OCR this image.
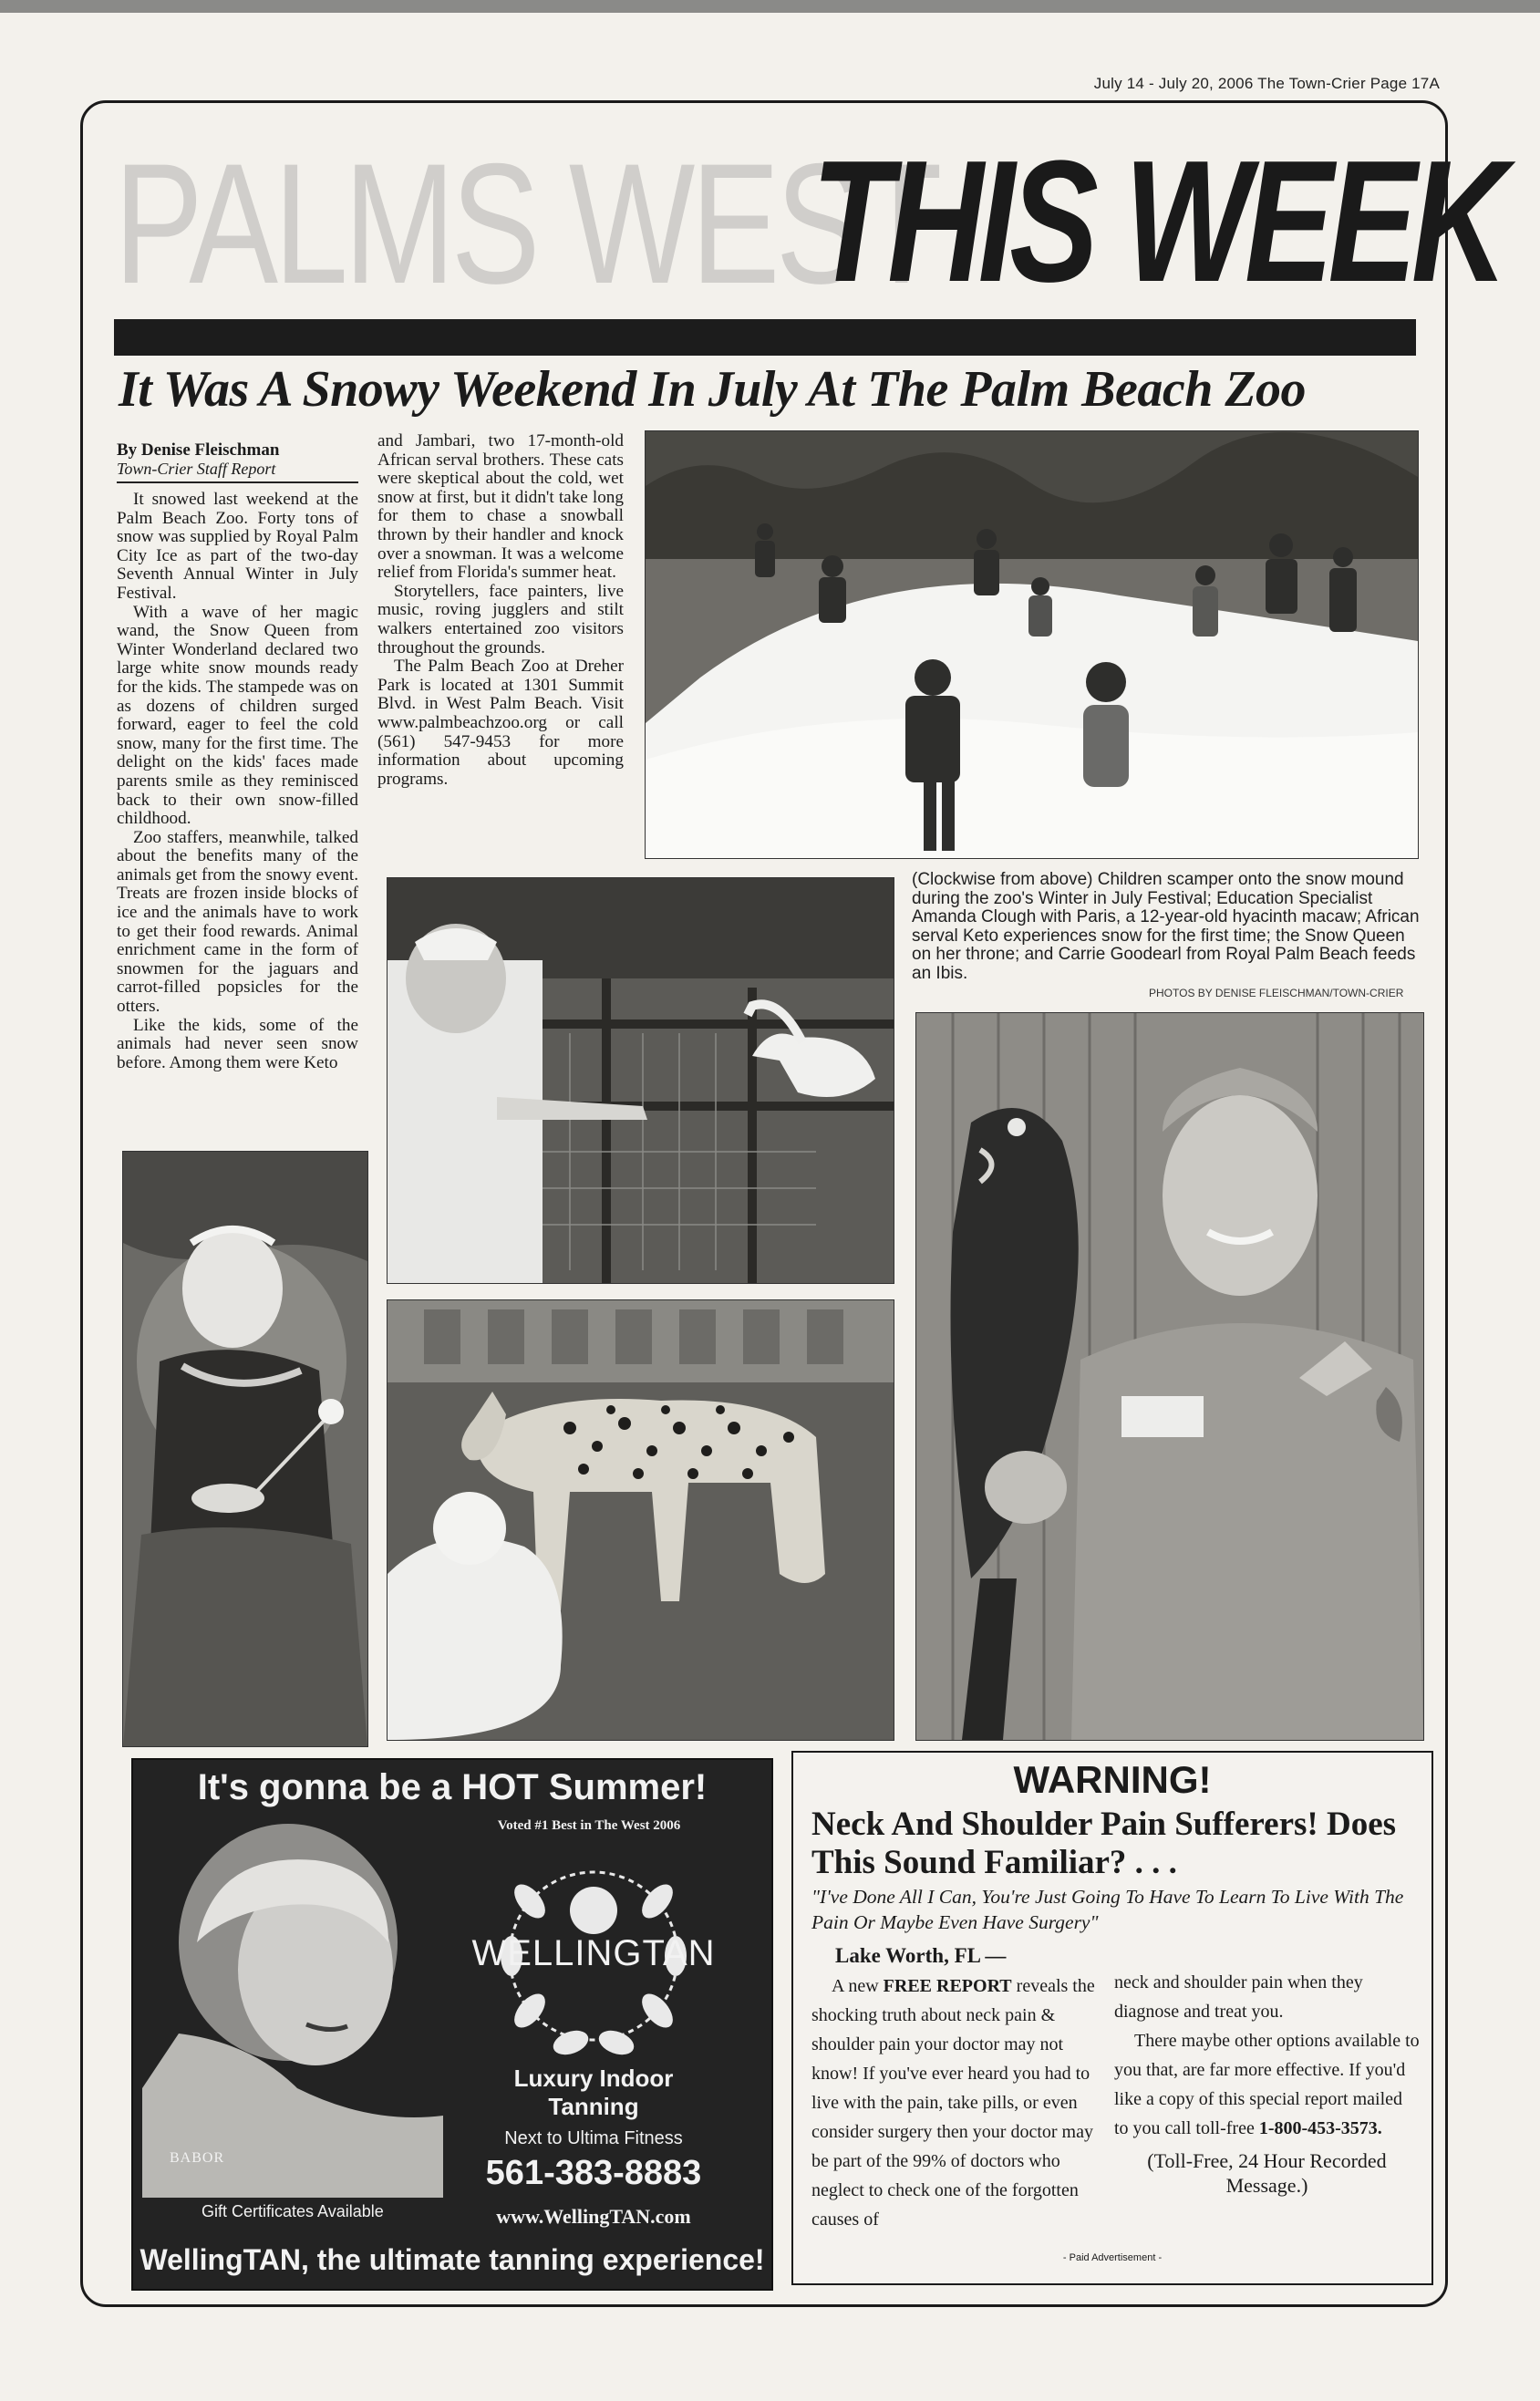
July 14 - July 20, 2006 The Town-Crier Page 17A
PALMS WEST
THIS WEEK
It Was A Snowy Weekend In July At The Palm Beach Zoo
By Denise Fleischman
Town-Crier Staff Report

It snowed last weekend at the Palm Beach Zoo. Forty tons of snow was supplied by Royal Palm City Ice as part of the two-day Seventh Annual Winter in July Festival.

With a wave of her magic wand, the Snow Queen from Winter Wonderland declared two large white snow mounds ready for the kids. The stampede was on as dozens of children surged forward, eager to feel the cold snow, many for the first time. The delight on the kids' faces made parents smile as they reminisced back to their own snow-filled childhood.

Zoo staffers, meanwhile, talked about the benefits many of the animals get from the snowy event. Treats are frozen inside blocks of ice and the animals have to work to get their food rewards. Animal enrichment came in the form of snowmen for the jaguars and carrot-filled popsicles for the otters.

Like the kids, some of the animals had never seen snow before. Among them were Keto

and Jambari, two 17-month-old African serval brothers. These cats were skeptical about the cold, wet snow at first, but it didn't take long for them to chase a snowball thrown by their handler and knock over a snowman. It was a welcome relief from Florida's summer heat.

Storytellers, face painters, live music, roving jugglers and stilt walkers entertained zoo visitors throughout the grounds.

The Palm Beach Zoo at Dreher Park is located at 1301 Summit Blvd. in West Palm Beach. Visit www.palmbeachzoo.org or call (561) 547-9453 for more information about upcoming programs.

(Clockwise from above) Children scamper onto the snow mound during the zoo's Winter in July Festival; Education Specialist Amanda Clough with Paris, a 12-year-old hyacinth macaw; African serval Keto experiences snow for the first time; the Snow Queen on her throne; and Carrie Goodearl from Royal Palm Beach feeds an Ibis.
PHOTOS BY DENISE FLEISCHMAN/TOWN-CRIER
It's gonna be a HOT Summer!
Voted #1 Best in The West 2006
WELLINGTAN
Luxury Indoor Tanning
Next to Ultima Fitness
561-383-8883
www.WellingTAN.com
BABOR
Gift Certificates Available
WellingTAN, the ultimate tanning experience!
WARNING!
Neck And Shoulder Pain Sufferers! Does This Sound Familiar? . . .
"I've Done All I Can, You're Just Going To Have To Learn To Live With The Pain Or Maybe Even Have Surgery"
Lake Worth, FL —

A new FREE REPORT reveals the shocking truth about neck pain & shoulder pain your doctor may not know! If you've ever heard you had to live with the pain, take pills, or even consider surgery then your doctor may be part of the 99% of doctors who neglect to check one of the forgotten causes of

neck and shoulder pain when they diagnose and treat you.

There maybe other options available to you that, are far more effective. If you'd like a copy of this special report mailed to you call toll-free 1-800-453-3573.

(Toll-Free, 24 Hour Recorded Message.)

- Paid Advertisement -
